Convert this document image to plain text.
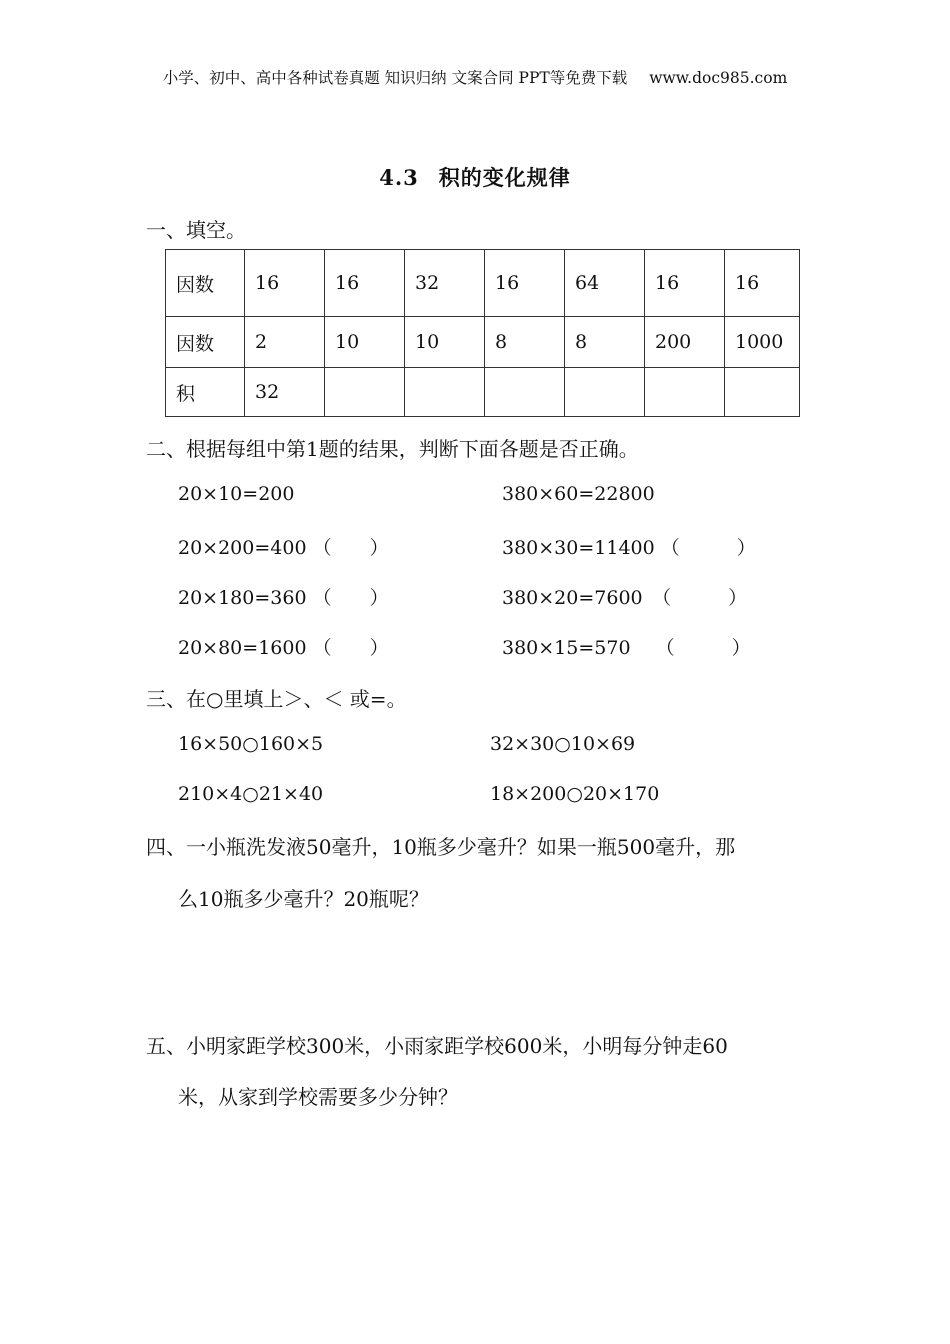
小学、初中、高中各种试卷真题 知识归纳 文案合同 PPT等免费下载 www.doc985.com
4.3 积的变化规律
一、填空。
因数	16	16	32	16	64	16	16
因数	2	10	10	8	8	200	1000
积	32						
二、根据每组中第1题的结果，判断下面各题是否正确。
20×10=200
20×200=400 （　　）
20×180=360 （　　）
20×80=1600 （　　）
380×60=22800
380×30=11400 （　　　）
380×20=7600　（　　　）
380×15=570　 （　　　）
三、在○里填上＞、＜ 或=。
16×50○160×5	32×30○10×69
210×4○21×40	18×200○20×170
四、一小瓶洗发液50毫升，10瓶多少毫升？如果一瓶500毫升，那
么10瓶多少毫升？20瓶呢？
五、小明家距学校300米，小雨家距学校600米，小明每分钟走60
米，从家到学校需要多少分钟？
